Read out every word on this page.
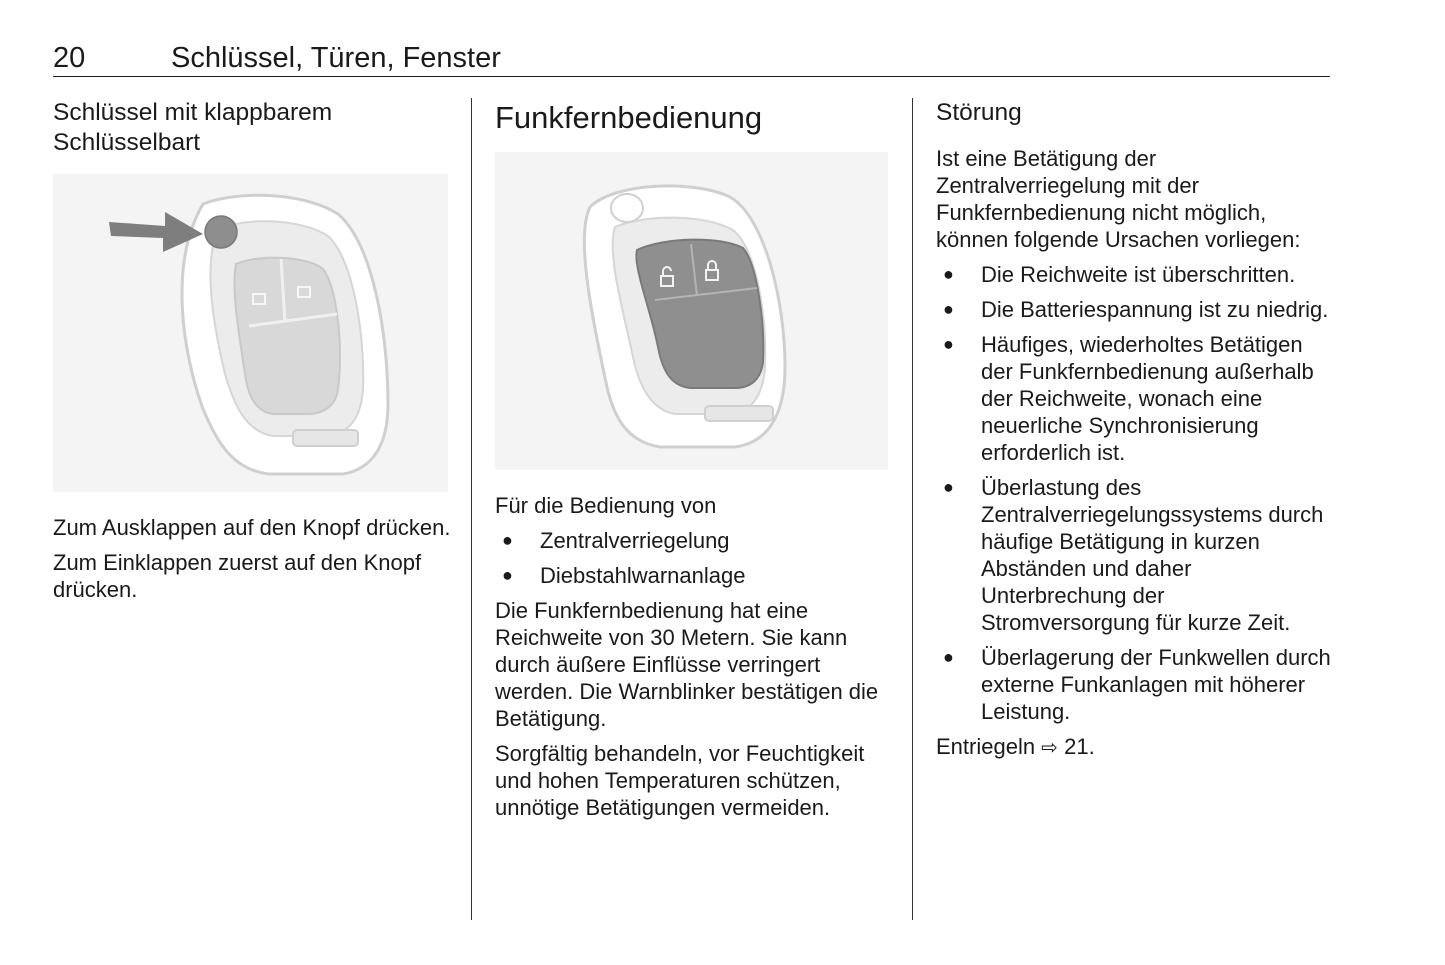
20	Schlüssel, Türen, Fenster
Schlüssel mit klappbarem Schlüsselbart

Zum Ausklappen auf den Knopf drücken.

Zum Einklappen zuerst auf den Knopf drücken.

Funkfernbedienung

Für die Bedienung von

● Zentralverriegelung
● Diebstahlwarnanlage

Die Funkfernbedienung hat eine Reichweite von 30 Metern. Sie kann durch äußere Einflüsse verringert werden. Die Warnblinker bestätigen die Betätigung.

Sorgfältig behandeln, vor Feuchtigkeit und hohen Temperaturen schützen, unnötige Betätigungen vermeiden.

Störung

Ist eine Betätigung der Zentralverriegelung mit der Funkfernbedienung nicht möglich, können folgende Ursachen vorliegen:

● Die Reichweite ist überschritten.
● Die Batteriespannung ist zu niedrig.
● Häufiges, wiederholtes Betätigen der Funkfernbedienung außerhalb der Reichweite, wonach eine neuerliche Synchronisierung erforderlich ist.
● Überlastung des Zentralverriegelungssystems durch häufige Betätigung in kurzen Abständen und daher Unterbrechung der Stromversorgung für kurze Zeit.
● Überlagerung der Funkwellen durch externe Funkanlagen mit höherer Leistung.

Entriegeln ⇨ 21.
